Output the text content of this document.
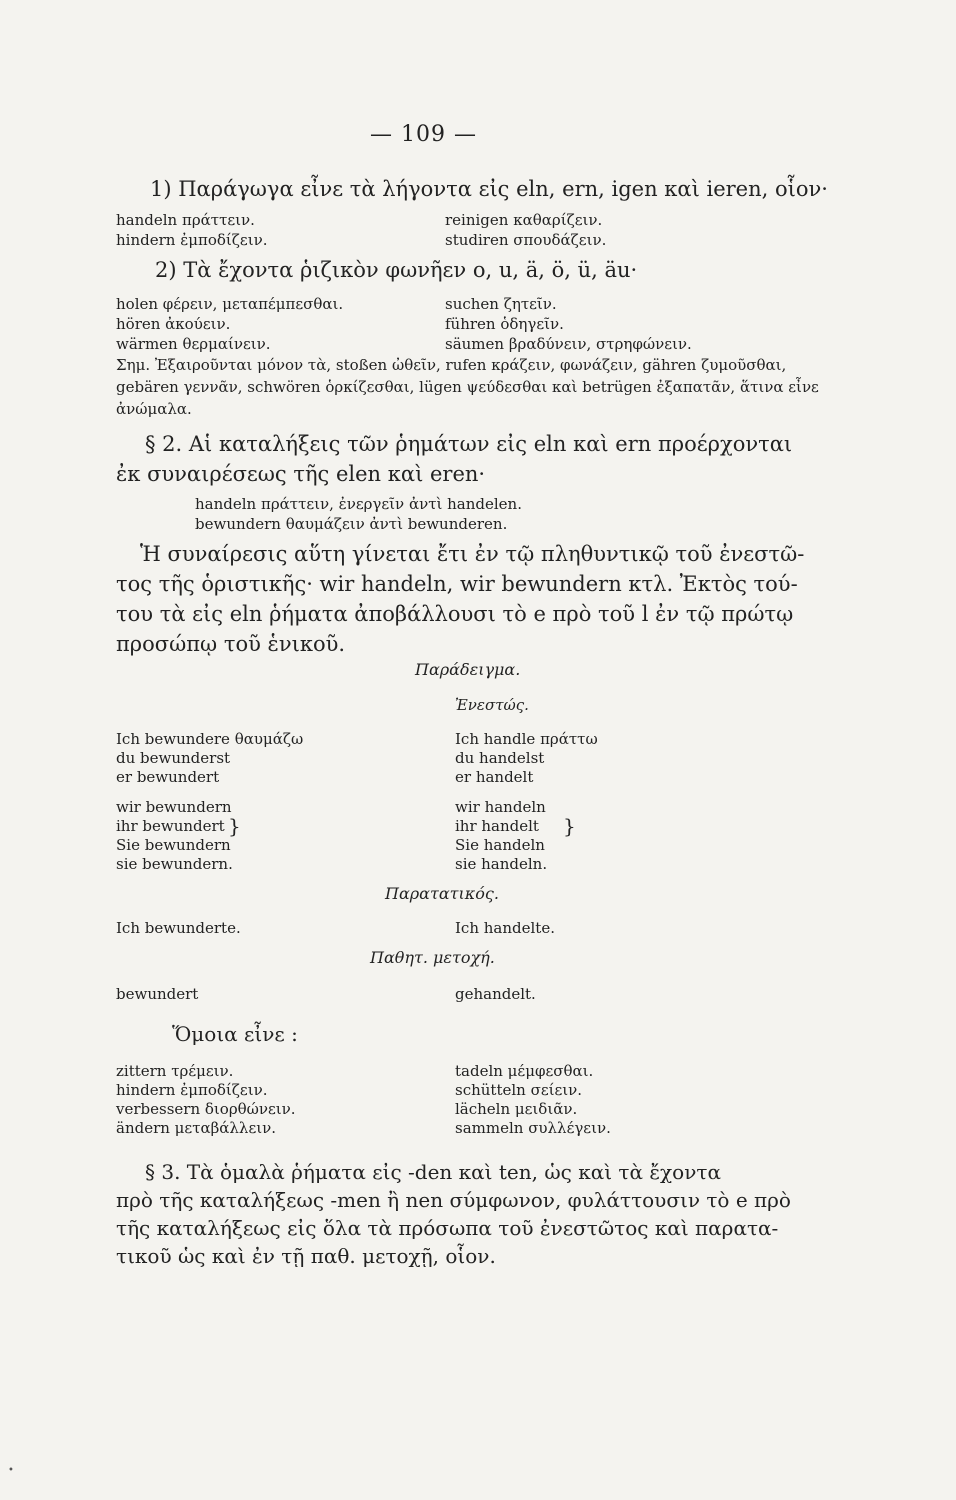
— 109 —
1) Παράγωγα εἶνε τὰ λήγοντα εἰς eln, ern, igen καὶ ieren, οἷον·
handeln πράττειν.
hindern ἐμποδίζειν.
reinigen καθαρίζειν.
studiren σπουδάζειν.
2) Τὰ ἔχοντα ῥιζικὸν φωνῆεν o, u, ä, ö, ü, äu·
holen φέρειν, μεταπέμπεσθαι.
hören ἀκούειν.
wärmen θερμαίνειν.
suchen ζητεῖν.
führen ὁδηγεῖν.
säumen βραδύνειν, στρηφώνειν.
Σημ. Ἐξαιροῦνται μόνον τὰ, stoßen ὠθεῖν, rufen κράζειν, φωνάζειν, gähren ζυμοῦσθαι, gebären γεννᾶν, schwören ὁρκίζεσθαι, lügen ψεύδεσθαι καὶ betrügen ἐξαπατᾶν, ἅτινα εἶνε ἀνώμαλα.
§ 2. Αἱ καταλήξεις τῶν ῥημάτων εἰς eln καὶ ern προέρχονται
ἐκ συναιρέσεως τῆς elen καὶ eren·
handeln πράττειν, ἐνεργεῖν ἀντὶ handelen.
bewundern θαυμάζειν ἀντὶ bewunderen.
Ἡ συναίρεσις αὕτη γίνεται ἔτι ἐν τῷ πληθυντικῷ τοῦ ἐνεστῶ-
τος τῆς ὁριστικῆς· wir handeln, wir bewundern κτλ. Ἐκτὸς τού-
του τὰ εἰς eln ῥήματα ἀποβάλλουσι τὸ e πρὸ τοῦ l ἐν τῷ πρώτῳ
προσώπῳ τοῦ ἑνικοῦ.
Παράδειγμα.
Ἐνεστώς.
Ich bewundere θαυμάζω
du bewunderst
er bewundert
Ich handle πράττω
du handelst
er handelt
wir bewundern
ihr bewundert
Sie bewundern
sie bewundern.
}
wir handeln
ihr handelt
Sie handeln
sie handeln.
}
Παρατατικός.
Ich bewunderte.	Ich handelte.
Παθητ. μετοχή.
bewundert	gehandelt.
Ὅμοια εἶνε :
zittern τρέμειν.
hindern ἐμποδίζειν.
verbessern διορθώνειν.
ändern μεταβάλλειν.
tadeln μέμφεσθαι.
schütteln σείειν.
lächeln μειδιᾶν.
sammeln συλλέγειν.
§ 3. Τὰ ὁμαλὰ ῥήματα εἰς -den καὶ ten, ὡς καὶ τὰ ἔχοντα
πρὸ τῆς καταλήξεως -men ἢ nen σύμφωνον, φυλάττουσιν τὸ e πρὸ
τῆς καταλήξεως εἰς ὅλα τὰ πρόσωπα τοῦ ἐνεστῶτος καὶ παρατα-
τικοῦ ὡς καὶ ἐν τῇ παθ. μετοχῇ, οἷον.
•
